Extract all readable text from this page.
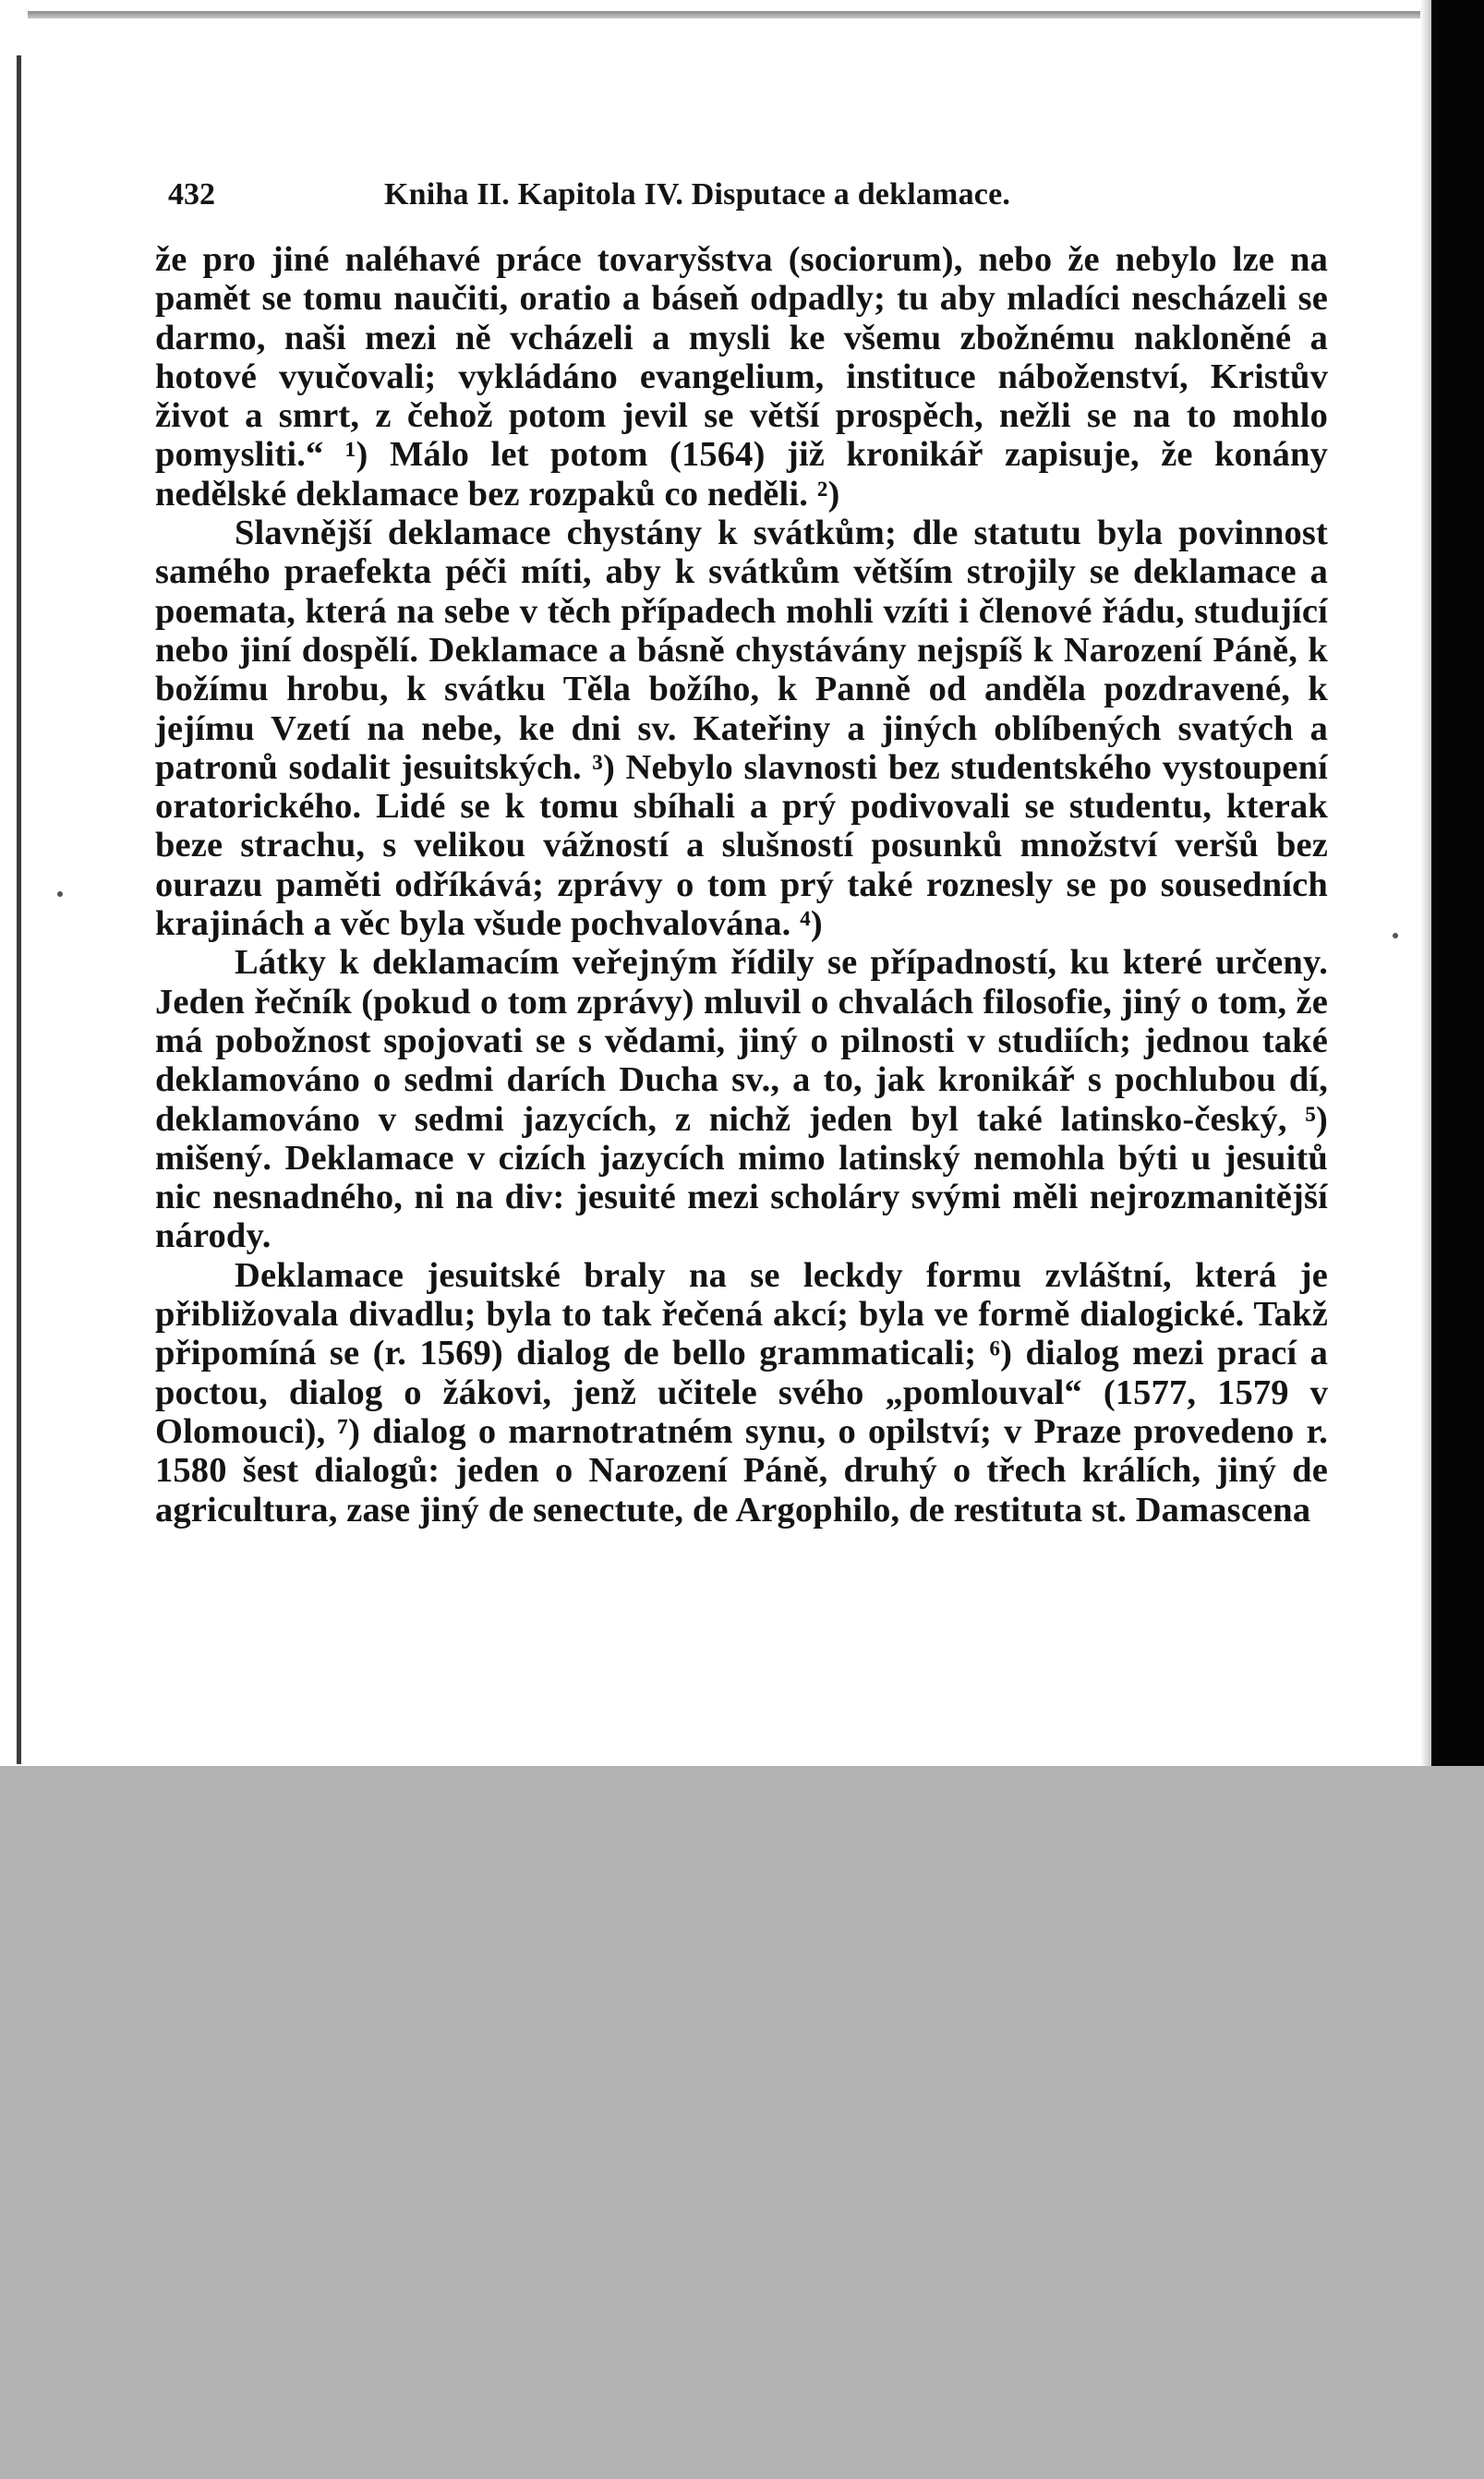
432	Kniha II. Kapitola IV. Disputace a deklamace.

že pro jiné naléhavé práce tovaryšstva (sociorum), nebo že nebylo lze na pamět se tomu naučiti, oratio a báseň odpadly; tu aby mladíci nescházeli se darmo, naši mezi ně vcházeli a mysli ke všemu zbožnému nakloněné a hotové vyučovali; vykládáno evangelium, instituce náboženství, Kristův život a smrt, z čehož potom jevil se větší prospěch, nežli se na to mohlo pomysliti.“ ¹) Málo let potom (1564) již kronikář zapisuje, že konány nedělské deklamace bez rozpaků co neděli. ²)

Slavnější deklamace chystány k svátkům; dle statutu byla povinnost samého praefekta péči míti, aby k svátkům větším strojily se deklamace a poemata, která na sebe v těch případech mohli vzíti i členové řádu, studující nebo jiní dospělí. Deklamace a básně chystávány nejspíš k Narození Páně, k božímu hrobu, k svátku Těla božího, k Panně od anděla pozdravené, k jejímu Vzetí na nebe, ke dni sv. Kateřiny a jiných oblíbených svatých a patronů sodalit jesuitských. ³) Nebylo slavnosti bez studentského vystoupení oratorického. Lidé se k tomu sbíhali a prý podivovali se studentu, kterak beze strachu, s velikou vážností a slušností posunků množství veršů bez ourazu paměti odříkává; zprávy o tom prý také roznesly se po sousedních krajinách a věc byla všude pochvalována. ⁴)

Látky k deklamacím veřejným řídily se případností, ku které určeny. Jeden řečník (pokud o tom zprávy) mluvil o chvalách filosofie, jiný o tom, že má pobožnost spojovati se s vědami, jiný o pilnosti v studiích; jednou také deklamováno o sedmi darích Ducha sv., a to, jak kronikář s pochlubou dí, deklamováno v sedmi jazycích, z nichž jeden byl také latinsko-český, ⁵) mišený. Deklamace v cizích jazycích mimo latinský nemohla býti u jesuitů nic nesnadného, ni na div: jesuité mezi scholáry svými měli nejrozmanitější národy.

Deklamace jesuitské braly na se leckdy formu zvláštní, která je přibližovala divadlu; byla to tak řečená akcí; byla ve formě dialogické. Takž připomíná se (r. 1569) dialog de bello grammaticali; ⁶) dialog mezi prací a poctou, dialog o žákovi, jenž učitele svého „pomlouval“ (1577, 1579 v Olomouci), ⁷) dialog o marnotratném synu, o opilství; v Praze provedeno r. 1580 šest dialogů: jeden o Narození Páně, druhý o třech králích, jiný de agricultura, zase jiný de senectute, de Argophilo, de restituta st. Damascena
